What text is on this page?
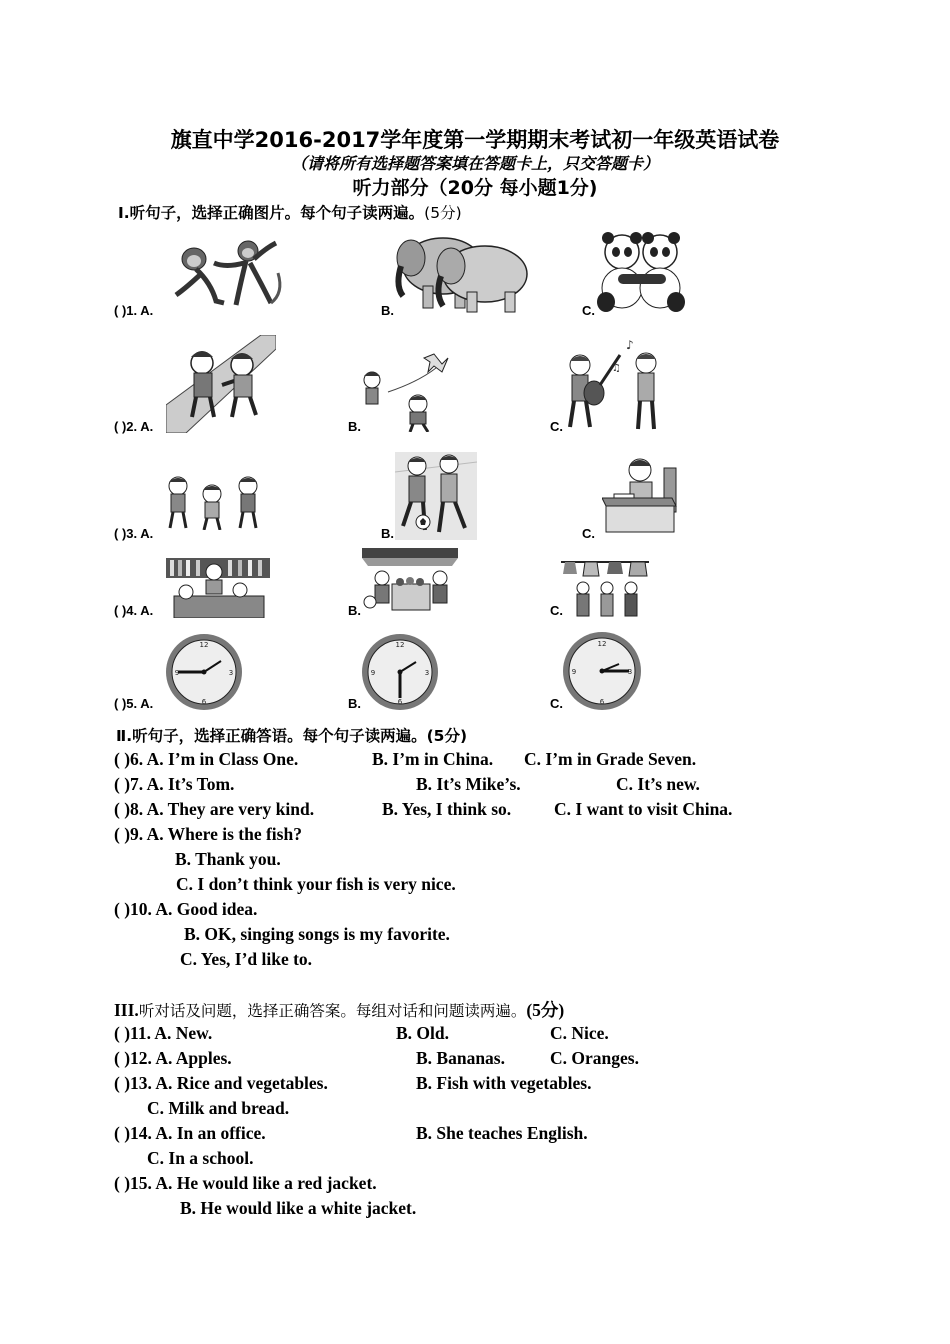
旗直中学2016-2017学年度第一学期期末考试初一年级英语试卷
（请将所有选择题答案填在答题卡上，只交答题卡）
听力部分（20分 每小题1分)
Ⅰ.听句子，选择正确图片。每个句子读两遍。(5分)
( )1. A.	B.	C.
( )2. A.	B.	C.
♪
♫
( )3. A.	B.	C.
( )4. A.	B.	C.
( )5. A.	B.	C.
12
3
6
9
12
3
6
9
12
3
6
9
Ⅱ.听句子，选择正确答语。每个句子读两遍。(5分)
( )6. A. I’m in Class One.	B. I’m in China. C. I’m in Grade Seven.
( )7. A. It’s Tom.	B. It’s Mike’s.	C. It’s new.
( )8. A. They are very kind.	B. Yes, I think so. C. I want to visit China.
( )9. A. Where is the fish?
B. Thank you.
C. I don’t think your fish is very nice.
( )10. A. Good idea.
B. OK, singing songs is my favorite.
C. Yes, I’d like to.
III.听对话及问题，选择正确答案。每组对话和问题读两遍。(5分)
( )11. A. New.	B. Old.	C. Nice.
( )12. A. Apples.	B. Bananas.	C. Oranges.
( )13. A. Rice and vegetables.	B. Fish with vegetables.
C. Milk and bread.
( )14. A. In an office.	B. She teaches English.
C. In a school.
( )15. A. He would like a red jacket.
B. He would like a white jacket.
